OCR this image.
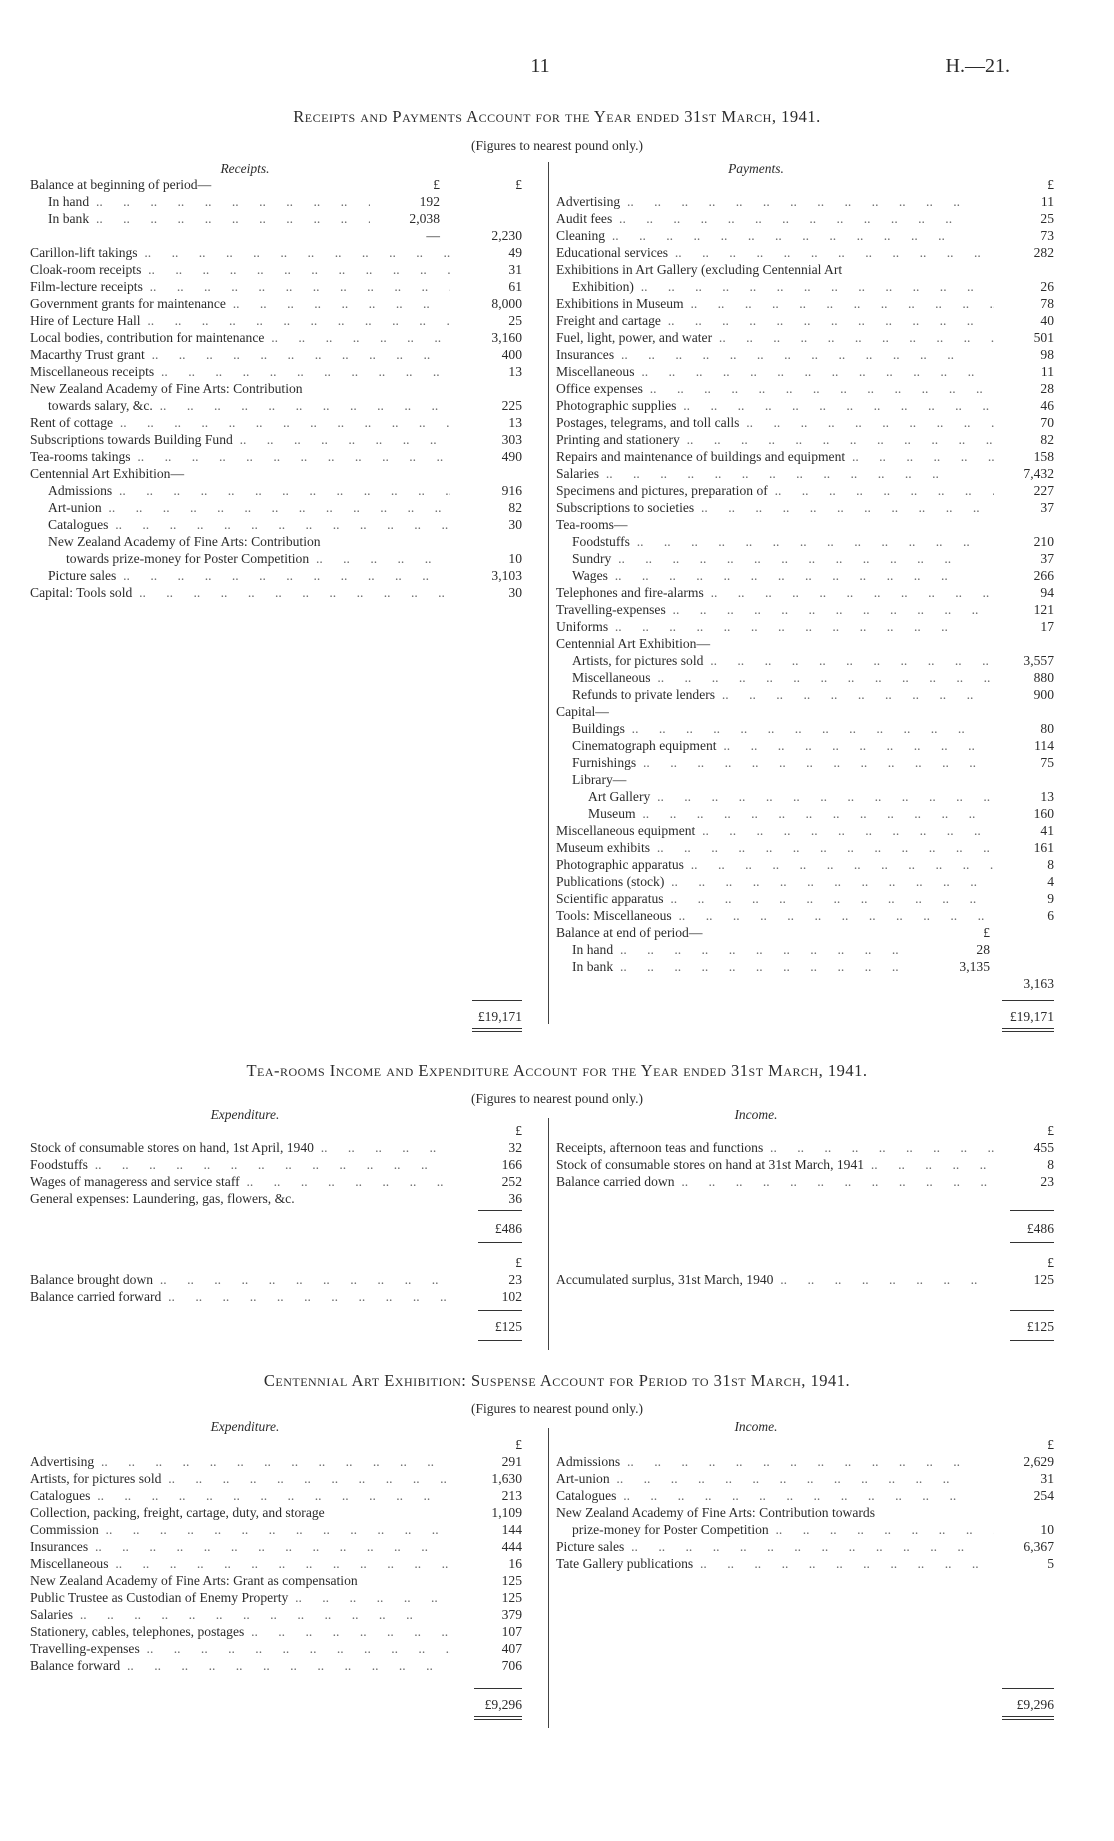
11	H.—21.
Receipts and Payments Account for the Year ended 31st March, 1941.
(Figures to nearest pound only.)
Receipts.	Payments.
Balance at beginning of period—	£	£
In hand ..	192
In bank ..	2,038
—	2,230
Carillon-lift takings ..	49
Cloak-room receipts ..	31
Film-lecture receipts ..	61
Government grants for maintenance ..	8,000
Hire of Lecture Hall ..	25
Local bodies, contribution for maintenance ..	3,160
Macarthy Trust grant ..	400
Miscellaneous receipts ..	13
New Zealand Academy of Fine Arts: Contribution
towards salary, &c. ..	225
Rent of cottage ..	13
Subscriptions towards Building Fund ..	303
Tea-rooms takings ..	490
Centennial Art Exhibition—
Admissions ..	916
Art-union ..	82
Catalogues ..	30
New Zealand Academy of Fine Arts: Contribution
towards prize-money for Poster Competition ..	10
Picture sales ..	3,103
Capital: Tools sold ..	30
£19,171
£
Advertising ..	11
Audit fees ..	25
Cleaning ..	73
Educational services ..	282
Exhibitions in Art Gallery (excluding Centennial Art
Exhibition) ..	26
Exhibitions in Museum ..	78
Freight and cartage ..	40
Fuel, light, power, and water ..	501
Insurances ..	98
Miscellaneous ..	11
Office expenses ..	28
Photographic supplies ..	46
Postages, telegrams, and toll calls ..	70
Printing and stationery ..	82
Repairs and maintenance of buildings and equipment ..	158
Salaries ..	7,432
Specimens and pictures, preparation of ..	227
Subscriptions to societies ..	37
Tea-rooms—
Foodstuffs ..	210
Sundry ..	37
Wages ..	266
Telephones and fire-alarms ..	94
Travelling-expenses ..	121
Uniforms ..	17
Centennial Art Exhibition—
Artists, for pictures sold ..	3,557
Miscellaneous ..	880
Refunds to private lenders ..	900
Capital—
Buildings ..	80
Cinematograph equipment ..	114
Furnishings ..	75
Library—
Art Gallery ..	13
Museum ..	160
Miscellaneous equipment ..	41
Museum exhibits ..	161
Photographic apparatus ..	8
Publications (stock) ..	4
Scientific apparatus ..	9
Tools: Miscellaneous ..	6
Balance at end of period—	£
In hand ..	28
In bank ..	3,135
3,163
£19,171
Tea-rooms Income and Expenditure Account for the Year ended 31st March, 1941.
(Figures to nearest pound only.)
Expenditure.	Income.
£
Stock of consumable stores on hand, 1st April, 1940 ..	32
Foodstuffs ..	166
Wages of manageress and service staff ..	252
General expenses: Laundering, gas, flowers, &c.	36
£486
£
Receipts, afternoon teas and functions ..	455
Stock of consumable stores on hand at 31st March, 1941 ..	8
Balance carried down ..	23
£486
£
Balance brought down ..	23
Balance carried forward ..	102
£125
£
Accumulated surplus, 31st March, 1940 ..	125
£125
Centennial Art Exhibition: Suspense Account for Period to 31st March, 1941.
(Figures to nearest pound only.)
Expenditure.	Income.
£
Advertising ..	291
Artists, for pictures sold ..	1,630
Catalogues ..	213
Collection, packing, freight, cartage, duty, and storage	1,109
Commission ..	144
Insurances ..	444
Miscellaneous ..	16
New Zealand Academy of Fine Arts: Grant as compensation	125
Public Trustee as Custodian of Enemy Property ..	125
Salaries ..	379
Stationery, cables, telephones, postages ..	107
Travelling-expenses ..	407
Balance forward ..	706
£9,296
£
Admissions ..	2,629
Art-union ..	31
Catalogues ..	254
New Zealand Academy of Fine Arts: Contribution towards
prize-money for Poster Competition ..	10
Picture sales ..	6,367
Tate Gallery publications ..	5
£9,296
